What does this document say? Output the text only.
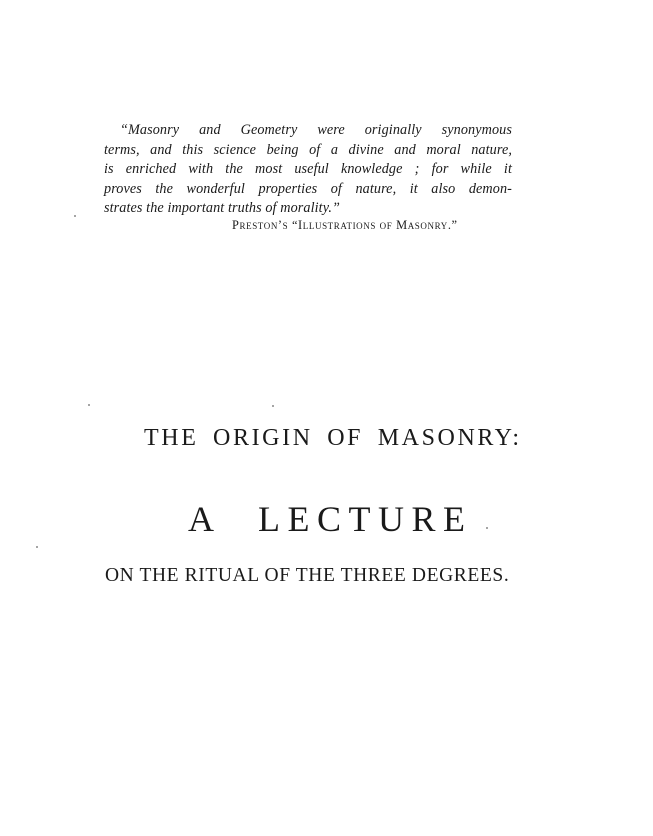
“Masonry and Geometry were originally synonymous
terms, and this science being of a divine and moral nature,
is enriched with the most useful knowledge ; for while it
proves the wonderful properties of nature, it also demon-
strates the important truths of morality.”
Preston’s “Illustrations of Masonry.”
THE ORIGIN OF MASONRY:
A LECTURE
ON THE RITUAL OF THE THREE DEGREES.
